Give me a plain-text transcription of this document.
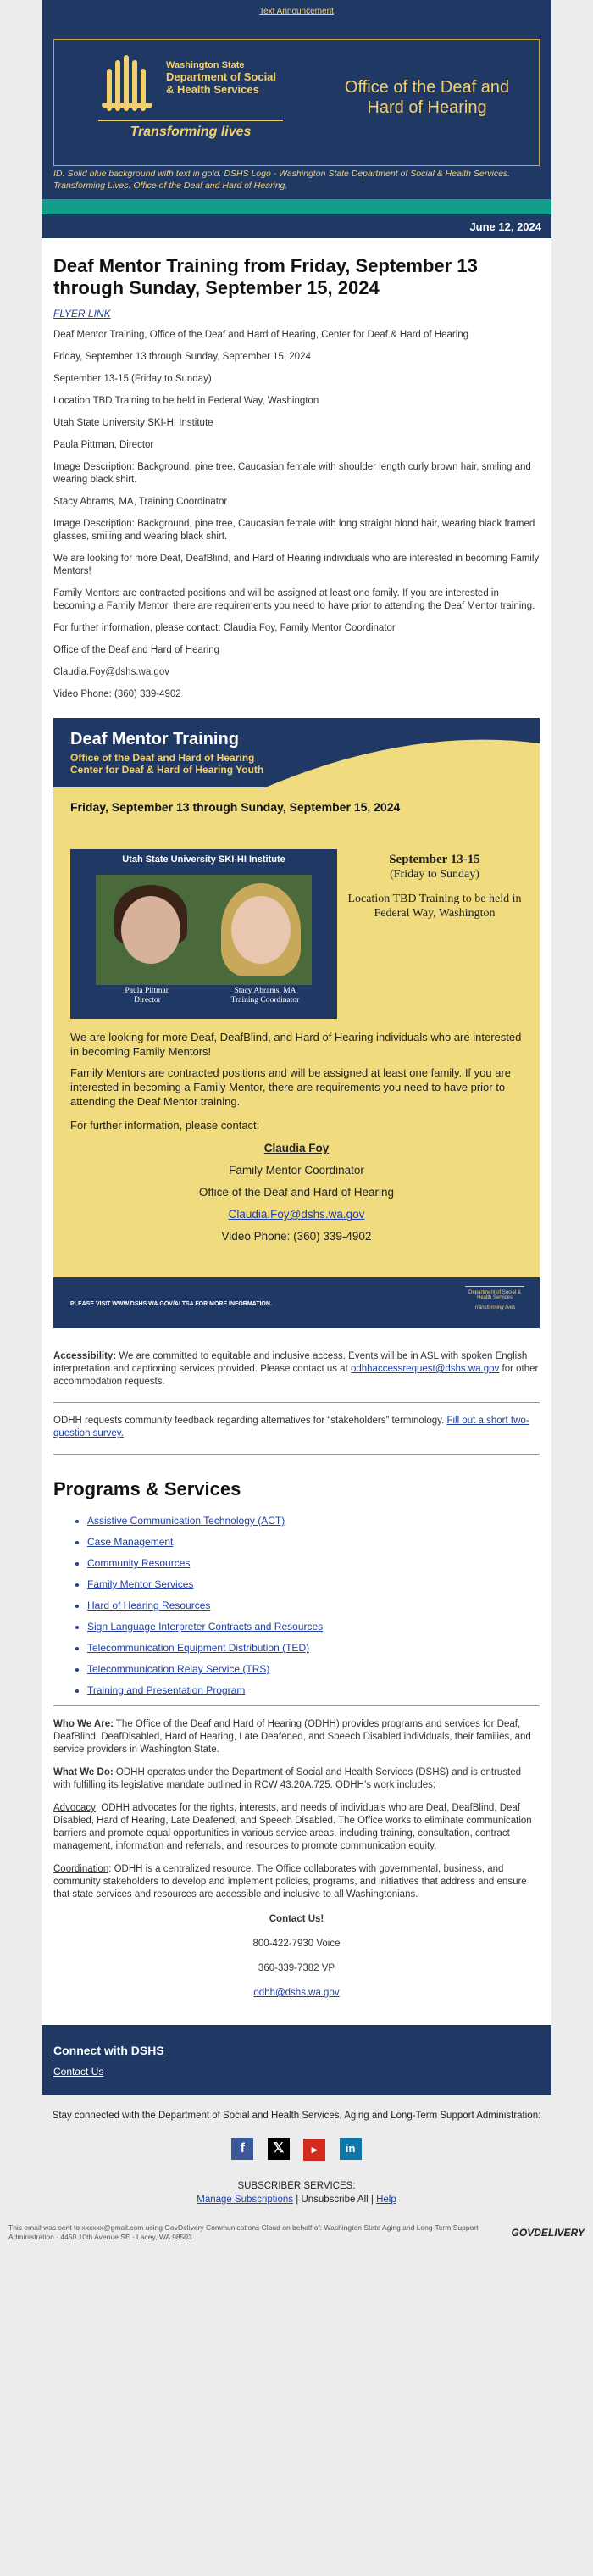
Text Announcement
Washington State
Department of Social & Health Services
Transforming lives
Office of the Deaf and Hard of Hearing
ID: Solid blue background with text in gold. DSHS Logo - Washington State Department of Social & Health Services. Transforming Lives. Office of the Deaf and Hard of Hearing.
June 12, 2024
Deaf Mentor Training from Friday, September 13 through Sunday, September 15, 2024
FLYER LINK

Deaf Mentor Training, Office of the Deaf and Hard of Hearing, Center for Deaf & Hard of Hearing

Friday, September 13 through Sunday, September 15, 2024

September 13-15 (Friday to Sunday)

Location TBD Training to be held in Federal Way, Washington

Utah State University SKI-HI Institute

Paula Pittman, Director

Image Description: Background, pine tree, Caucasian female with shoulder length curly brown hair, smiling and wearing black shirt.

Stacy Abrams, MA, Training Coordinator

Image Description: Background, pine tree, Caucasian female with long straight blond hair, wearing black framed glasses, smiling and wearing black shirt.

We are looking for more Deaf, DeafBlind, and Hard of Hearing individuals who are interested in becoming Family Mentors!

Family Mentors are contracted positions and will be assigned at least one family. If you are interested in becoming a Family Mentor, there are requirements you need to have prior to attending the Deaf Mentor training.

For further information, please contact: Claudia Foy, Family Mentor Coordinator

Office of the Deaf and Hard of Hearing

Claudia.Foy@dshs.wa.gov

Video Phone: (360) 339-4902

Deaf Mentor Training
Office of the Deaf and Hard of Hearing
Center for Deaf & Hard of Hearing Youth
Friday, September 13 through Sunday, September 15, 2024
Utah State University SKI-HI Institute
Paula Pittman
Director
Stacy Abrams, MA
Training Coordinator
September 13-15
(Friday to Sunday)
Location TBD Training to be held in Federal Way, Washington
We are looking for more Deaf, DeafBlind, and Hard of Hearing individuals who are interested in becoming Family Mentors!
Family Mentors are contracted positions and will be assigned at least one family. If you are interested in becoming a Family Mentor, there are requirements you need to have prior to attending the Deaf Mentor training.
For further information, please contact:
Claudia Foy
Family Mentor Coordinator
Office of the Deaf and Hard of Hearing
Claudia.Foy@dshs.wa.gov
Video Phone: (360) 339-4902
PLEASE VISIT WWW.DSHS.WA.GOV/ALTSA FOR MORE INFORMATION.
Department of Social & Health Services
Transforming lives

Accessibility: We are committed to equitable and inclusive access. Events will be in ASL with spoken English interpretation and captioning services provided. Please contact us at odhhaccessrequest@dshs.wa.gov for other accommodation requests.

ODHH requests community feedback regarding alternatives for “stakeholders” terminology. Fill out a short two-question survey.

Programs & Services
• Assistive Communication Technology (ACT)
• Case Management
• Community Resources
• Family Mentor Services
• Hard of Hearing Resources
• Sign Language Interpreter Contracts and Resources
• Telecommunication Equipment Distribution (TED)
• Telecommunication Relay Service (TRS)
• Training and Presentation Program

Who We Are: The Office of the Deaf and Hard of Hearing (ODHH) provides programs and services for Deaf, DeafBlind, DeafDisabled, Hard of Hearing, Late Deafened, and Speech Disabled individuals, their families, and service providers in Washington State.

What We Do: ODHH operates under the Department of Social and Health Services (DSHS) and is entrusted with fulfilling its legislative mandate outlined in RCW 43.20A.725. ODHH’s work includes:

Advocacy: ODHH advocates for the rights, interests, and needs of individuals who are Deaf, DeafBlind, Deaf Disabled, Hard of Hearing, Late Deafened, and Speech Disabled. The Office works to eliminate communication barriers and promote equal opportunities in various service areas, including training, consultation, contract management, information and referrals, and resources to promote communication equity.

Coordination: ODHH is a centralized resource. The Office collaborates with governmental, business, and community stakeholders to develop and implement policies, programs, and initiatives that address and ensure that state services and resources are accessible and inclusive to all Washingtonians.

Contact Us!

800-422-7930 Voice

360-339-7382 VP

odhh@dshs.wa.gov

Connect with DSHS
Contact Us
Stay connected with the Department of Social and Health Services, Aging and Long-Term Support Administration:
f 𝕏	▶	in
SUBSCRIBER SERVICES:
Manage Subscriptions | Unsubscribe All | Help
This email was sent to xxxxxx@gmail.com using GovDelivery Communications Cloud on behalf of: Washington State Aging and Long-Term Support Administration · 4450 10th Avenue SE · Lacey, WA 98503	GOVDELIVERY
